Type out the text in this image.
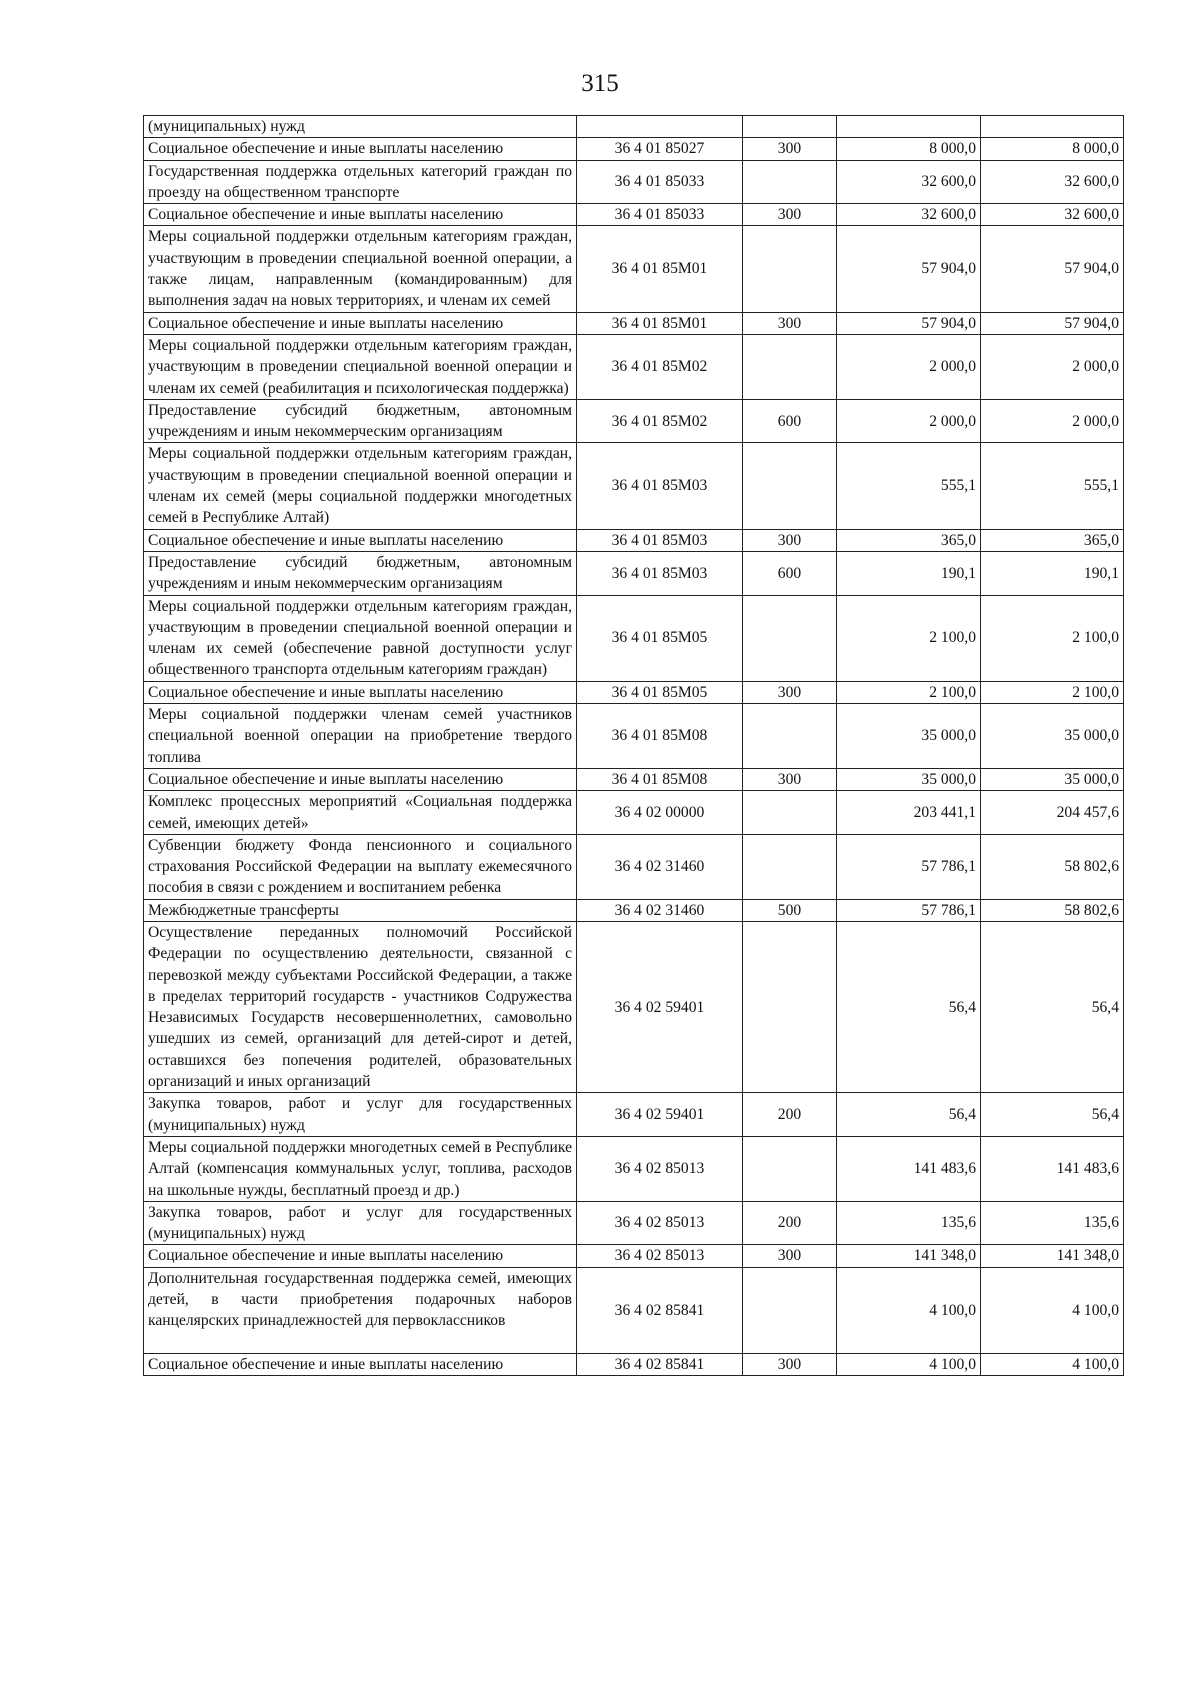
315
(муниципальных) нужд				
Социальное обеспечение и иные выплаты населению	36 4 01 85027	300	8 000,0	8 000,0
Государственная поддержка отдельных категорий граждан по проезду на общественном транспорте	36 4 01 85033		32 600,0	32 600,0
Социальное обеспечение и иные выплаты населению	36 4 01 85033	300	32 600,0	32 600,0
Меры социальной поддержки отдельным категориям граждан, участвующим в проведении специальной военной операции, а также лицам, направленным (командированным) для выполнения задач на новых территориях, и членам их семей	36 4 01 85М01		57 904,0	57 904,0
Социальное обеспечение и иные выплаты населению	36 4 01 85М01	300	57 904,0	57 904,0
Меры социальной поддержки отдельным категориям граждан, участвующим в проведении специальной военной операции и членам их семей (реабилитация и психологическая поддержка)	36 4 01 85М02		2 000,0	2 000,0
Предоставление субсидий бюджетным, автономным учреждениям и иным некоммерческим организациям	36 4 01 85М02	600	2 000,0	2 000,0
Меры социальной поддержки отдельным категориям граждан, участвующим в проведении специальной военной операции и членам их семей (меры социальной поддержки многодетных семей в Республике Алтай)	36 4 01 85М03		555,1	555,1
Социальное обеспечение и иные выплаты населению	36 4 01 85М03	300	365,0	365,0
Предоставление субсидий бюджетным, автономным учреждениям и иным некоммерческим организациям	36 4 01 85М03	600	190,1	190,1
Меры социальной поддержки отдельным категориям граждан, участвующим в проведении специальной военной операции и членам их семей (обеспечение равной доступности услуг общественного транспорта отдельным категориям граждан)	36 4 01 85М05		2 100,0	2 100,0
Социальное обеспечение и иные выплаты населению	36 4 01 85М05	300	2 100,0	2 100,0
Меры социальной поддержки членам семей участников специальной военной операции на приобретение твердого топлива	36 4 01 85М08		35 000,0	35 000,0
Социальное обеспечение и иные выплаты населению	36 4 01 85М08	300	35 000,0	35 000,0
Комплекс процессных мероприятий «Социальная поддержка семей, имеющих детей»	36 4 02 00000		203 441,1	204 457,6
Субвенции бюджету Фонда пенсионного и социального страхования Российской Федерации на выплату ежемесячного пособия в связи с рождением и воспитанием ребенка	36 4 02 31460		57 786,1	58 802,6
Межбюджетные трансферты	36 4 02 31460	500	57 786,1	58 802,6
Осуществление переданных полномочий Российской Федерации по осуществлению деятельности, связанной с перевозкой между субъектами Российской Федерации, а также в пределах территорий государств - участников Содружества Независимых Государств несовершеннолетних, самовольно ушедших из семей, организаций для детей-сирот и детей, оставшихся без попечения родителей, образовательных организаций и иных организаций	36 4 02 59401		56,4	56,4
Закупка товаров, работ и услуг для государственных (муниципальных) нужд	36 4 02 59401	200	56,4	56,4
Меры социальной поддержки многодетных семей в Республике Алтай (компенсация коммунальных услуг, топлива, расходов на школьные нужды, бесплатный проезд и др.)	36 4 02 85013		141 483,6	141 483,6
Закупка товаров, работ и услуг для государственных (муниципальных) нужд	36 4 02 85013	200	135,6	135,6
Социальное обеспечение и иные выплаты населению	36 4 02 85013	300	141 348,0	141 348,0
Дополнительная государственная поддержка семей, имеющих детей, в части приобретения подарочных наборов канцелярских принадлежностей для первоклассников	36 4 02 85841		4 100,0	4 100,0
Социальное обеспечение и иные выплаты населению	36 4 02 85841	300	4 100,0	4 100,0
